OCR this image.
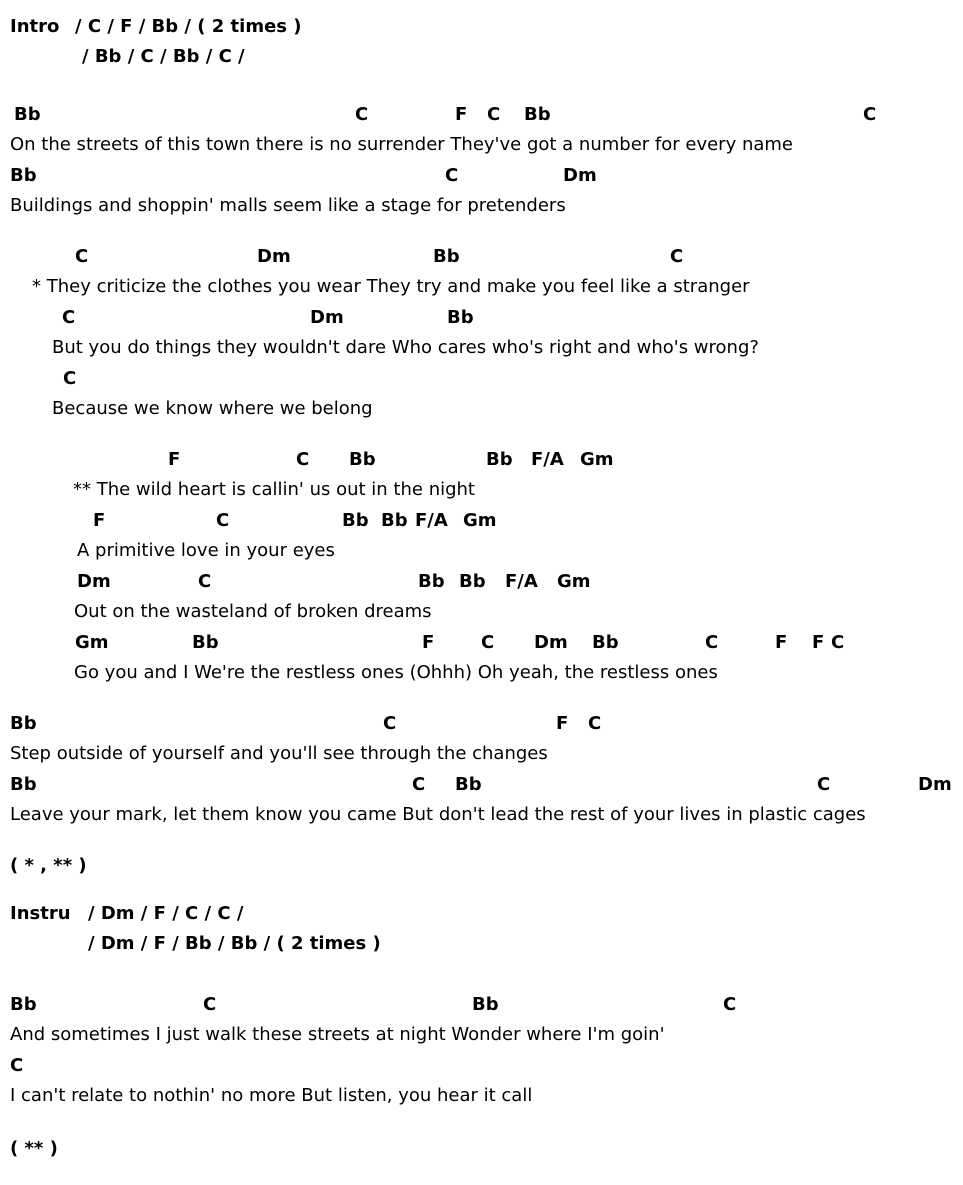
Intro / C / F / Bb / ( 2 times )
/ Bb / C / Bb / C /
Bb	C	F C Bb	C
On the streets of this town there is no surrender They've got a number for every name
Bb	C	Dm
Buildings and shoppin' malls seem like a stage for pretenders
C	Dm	Bb	C
* They criticize the clothes you wear They try and make you feel like a stranger
C	Dm	Bb
But you do things they wouldn't dare Who cares who's right and who's wrong?
C
Because we know where we belong
F	C Bb	Bb F/A Gm
** The wild heart is callin' us out in the night
F	C	Bb Bb F/A Gm
A primitive love in your eyes
Dm	C	Bb Bb F/A Gm
Out on the wasteland of broken dreams
Gm	Bb	F	C Dm Bb	C	F F C
Go you and I We're the restless ones (Ohhh) Oh yeah, the restless ones
Bb	C	F C
Step outside of yourself and you'll see through the changes
Bb	C Bb	C	Dm
Leave your mark, let them know you came But don't lead the rest of your lives in plastic cages
( * , ** )
Instru / Dm / F / C / C /
/ Dm / F / Bb / Bb / ( 2 times )
Bb	C	Bb	C
And sometimes I just walk these streets at night Wonder where I'm goin'
C
I can't relate to nothin' no more But listen, you hear it call
( ** )
